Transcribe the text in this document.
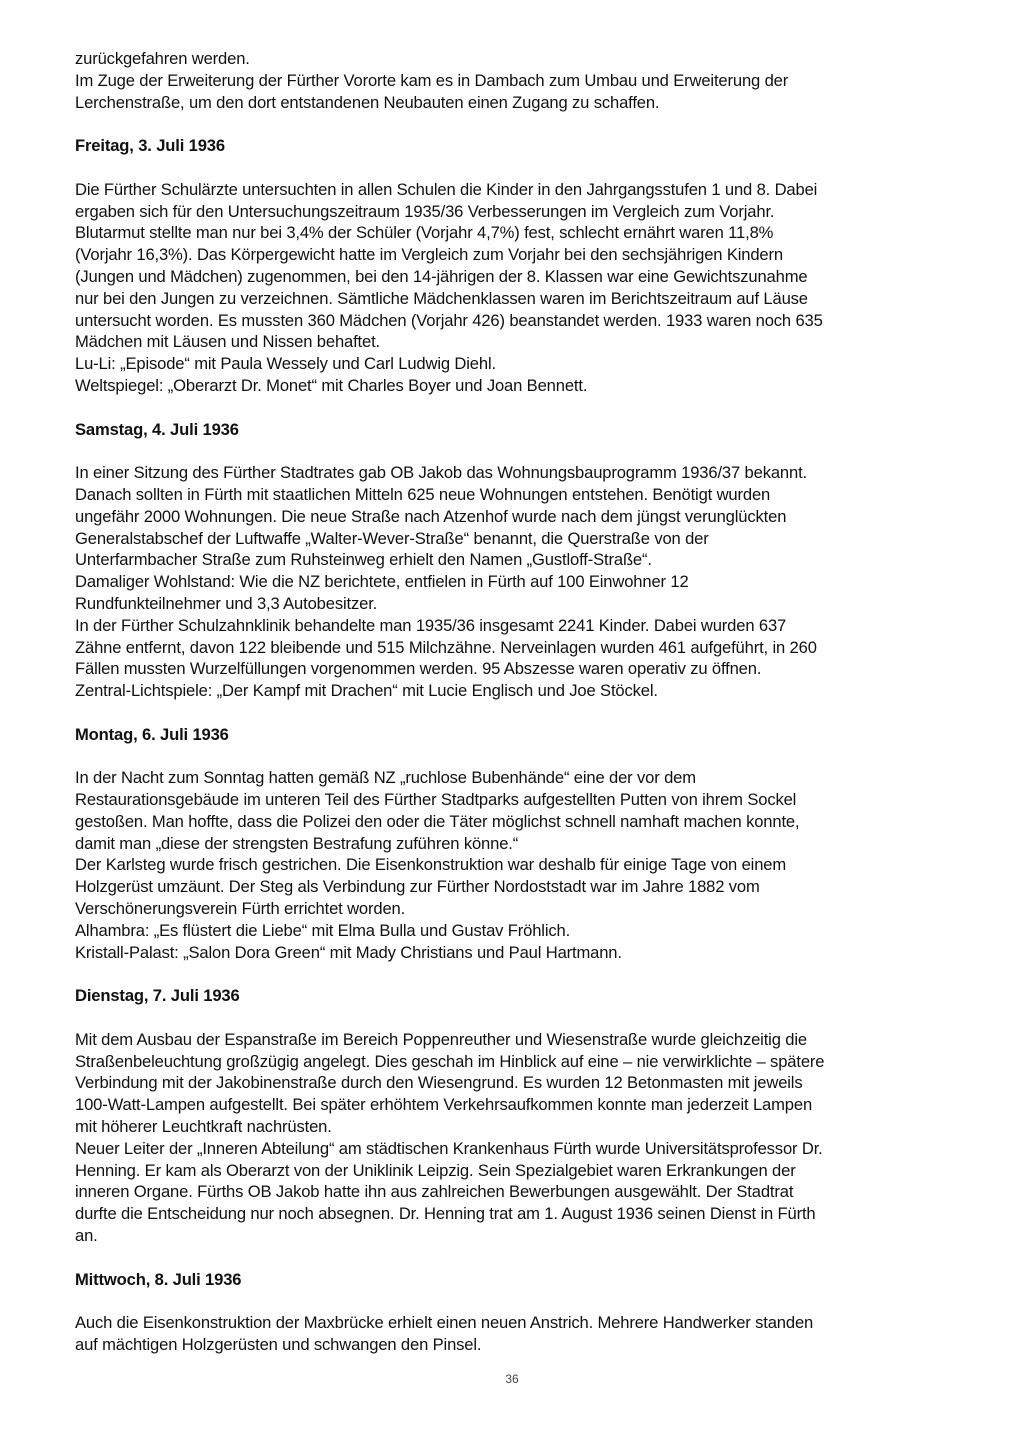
zurückgefahren werden.
Im Zuge der Erweiterung der Fürther Vororte kam es in Dambach zum Umbau und Erweiterung der
Lerchenstraße, um den dort entstandenen Neubauten einen Zugang zu schaffen.
Freitag, 3. Juli 1936
Die Fürther Schulärzte untersuchten in allen Schulen die Kinder in den Jahrgangsstufen 1 und 8. Dabei
ergaben sich für den Untersuchungszeitraum 1935/36 Verbesserungen im Vergleich zum Vorjahr.
Blutarmut stellte man nur bei 3,4% der Schüler (Vorjahr 4,7%) fest, schlecht ernährt waren 11,8%
(Vorjahr 16,3%). Das Körpergewicht hatte im Vergleich zum Vorjahr bei den sechsjährigen Kindern
(Jungen und Mädchen) zugenommen, bei den 14-jährigen der 8. Klassen war eine Gewichtszunahme
nur bei den Jungen zu verzeichnen. Sämtliche Mädchenklassen waren im Berichtszeitraum auf Läuse
untersucht worden. Es mussten 360 Mädchen (Vorjahr 426) beanstandet werden. 1933 waren noch 635
Mädchen mit Läusen und Nissen behaftet.
Lu-Li: „Episode“ mit Paula Wessely und Carl Ludwig Diehl.
Weltspiegel: „Oberarzt Dr. Monet“ mit Charles Boyer und Joan Bennett.
Samstag, 4. Juli 1936
In einer Sitzung des Fürther Stadtrates gab OB Jakob das Wohnungsbauprogramm 1936/37 bekannt.
Danach sollten in Fürth mit staatlichen Mitteln 625 neue Wohnungen entstehen. Benötigt wurden
ungefähr 2000 Wohnungen. Die neue Straße nach Atzenhof wurde nach dem jüngst verunglückten
Generalstabschef der Luftwaffe „Walter-Wever-Straße“ benannt, die Querstraße von der
Unterfarmbacher Straße zum Ruhsteinweg erhielt den Namen „Gustloff-Straße“.
Damaliger Wohlstand: Wie die NZ berichtete, entfielen in Fürth auf 100 Einwohner 12
Rundfunkteilnehmer und 3,3 Autobesitzer.
In der Fürther Schulzahnklinik behandelte man 1935/36 insgesamt 2241 Kinder. Dabei wurden 637
Zähne entfernt, davon 122 bleibende und 515 Milchzähne. Nerveinlagen wurden 461 aufgeführt, in 260
Fällen mussten Wurzelfüllungen vorgenommen werden. 95 Abszesse waren operativ zu öffnen.
Zentral-Lichtspiele: „Der Kampf mit Drachen“ mit Lucie Englisch und Joe Stöckel.
Montag, 6. Juli 1936
In der Nacht zum Sonntag hatten gemäß NZ „ruchlose Bubenhände“ eine der vor dem
Restaurationsgebäude im unteren Teil des Fürther Stadtparks aufgestellten Putten von ihrem Sockel
gestoßen. Man hoffte, dass die Polizei den oder die Täter möglichst schnell namhaft machen konnte,
damit man „diese der strengsten Bestrafung zuführen könne.“
Der Karlsteg wurde frisch gestrichen. Die Eisenkonstruktion war deshalb für einige Tage von einem
Holzgerüst umzäunt. Der Steg als Verbindung zur Fürther Nordoststadt war im Jahre 1882 vom
Verschönerungsverein Fürth errichtet worden.
Alhambra: „Es flüstert die Liebe“ mit Elma Bulla und Gustav Fröhlich.
Kristall-Palast: „Salon Dora Green“ mit Mady Christians und Paul Hartmann.
Dienstag, 7. Juli 1936
Mit dem Ausbau der Espanstraße im Bereich Poppenreuther und Wiesenstraße wurde gleichzeitig die
Straßenbeleuchtung großzügig angelegt. Dies geschah im Hinblick auf eine – nie verwirklichte – spätere
Verbindung mit der Jakobinenstraße durch den Wiesengrund. Es wurden 12 Betonmasten mit jeweils
100-Watt-Lampen aufgestellt. Bei später erhöhtem Verkehrsaufkommen konnte man jederzeit Lampen
mit höherer Leuchtkraft nachrüsten.
Neuer Leiter der „Inneren Abteilung“ am städtischen Krankenhaus Fürth wurde Universitätsprofessor Dr.
Henning. Er kam als Oberarzt von der Uniklinik Leipzig. Sein Spezialgebiet waren Erkrankungen der
inneren Organe. Fürths OB Jakob hatte ihn aus zahlreichen Bewerbungen ausgewählt. Der Stadtrat
durfte die Entscheidung nur noch absegnen. Dr. Henning trat am 1. August 1936 seinen Dienst in Fürth
an.
Mittwoch, 8. Juli 1936
Auch die Eisenkonstruktion der Maxbrücke erhielt einen neuen Anstrich. Mehrere Handwerker standen
auf mächtigen Holzgerüsten und schwangen den Pinsel.
36
